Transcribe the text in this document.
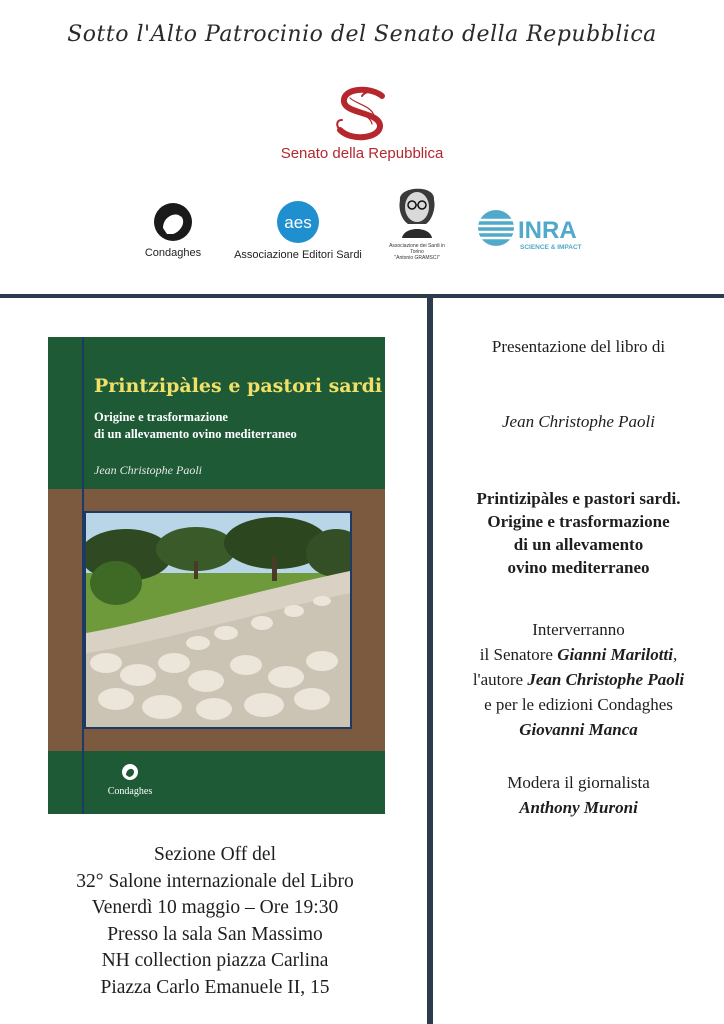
Sotto l'Alto Patrocinio del Senato della Repubblica
Senato della Repubblica
Condaghes
aes
Associazione Editori Sardi
Associazione dei Sardi in Torino
"Antonio GRAMSCI"
INRA
SCIENCE & IMPACT
Printzipàles e pastori sardi
Origine e trasformazione
di un allevamento ovino mediterraneo
Jean Christophe Paoli
Condaghes
Sezione Off del
32° Salone internazionale del Libro
Venerdì 10 maggio – Ore 19:30
Presso la sala San Massimo
NH collection piazza Carlina
Piazza Carlo Emanuele II, 15
Presentazione del libro di
Jean Christophe Paoli
Printizipàles e pastori sardi.
Origine e trasformazione
di un allevamento
ovino mediterraneo
Interverranno
il Senatore Gianni Marilotti,
l'autore Jean Christophe Paoli
e per le edizioni Condaghes
Giovanni Manca
Modera il giornalista
Anthony Muroni
